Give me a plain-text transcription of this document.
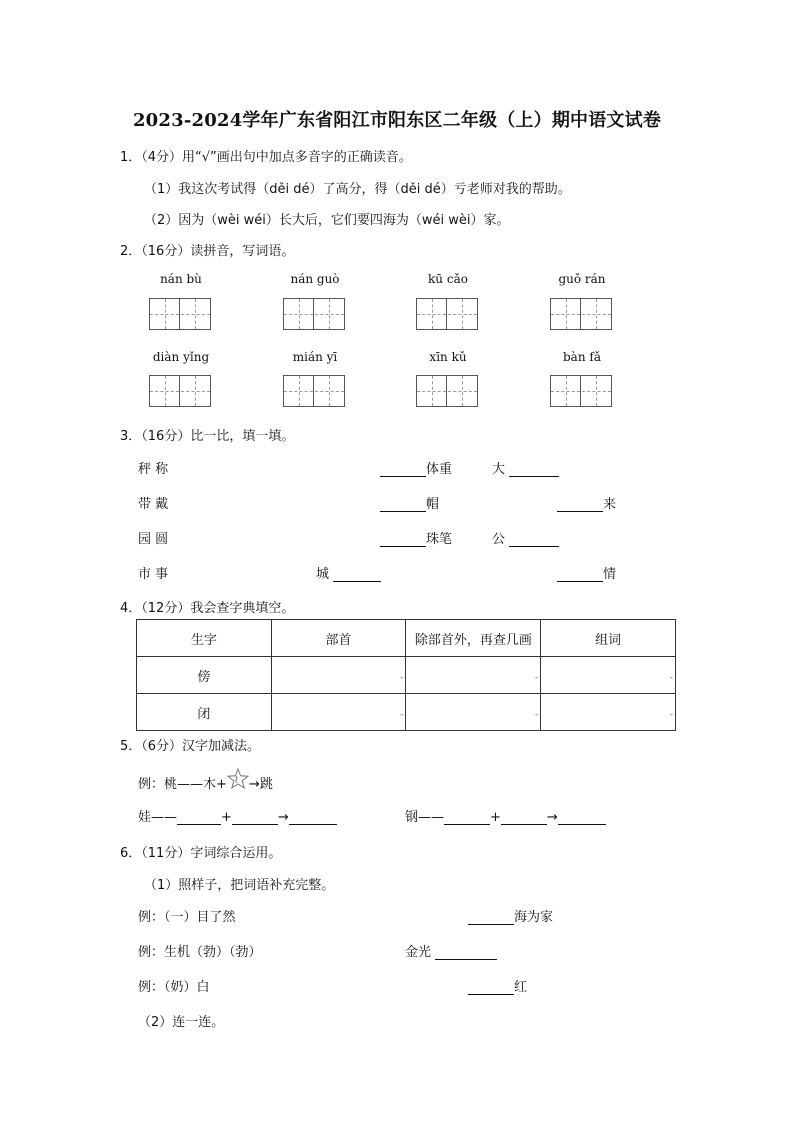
2023-2024学年广东省阳江市阳东区二年级（上）期中语文试卷
1．（4分）用“√”画出句中加点多音字的正确读音。
（1）我这次考试得（děi dé）了高分，得（děi dé）亏老师对我的帮助。
（2）因为（wèi wéi）长大后，它们要四海为（wéi wèi）家。
2．（16分）读拼音，写词语。
nán bù	nán guò	kū cǎo	guǒ rán
diàn yǐng	mián yī	xīn kǔ	bàn fǎ
3．（16分）比一比，填一填。
秤 称	体重	大
带 戴	帽	来
园 圆	珠笔	公
市 事	城	情
4．（12分）我会查字典填空。
生字	部首	除部首外，再查几画	组词
傍	-	-	-

闭	-	-	-
5．（6分）汉字加减法。
例：桃——木+ 扌 →跳
娃——	+	→	钢——	+	→
6．（11分）字词综合运用。
（1）照样子，把词语补充完整。
例：（一）目了然	海为家
例：生机（勃）（勃）	金光
例：（奶）白	红
（2）连一连。
